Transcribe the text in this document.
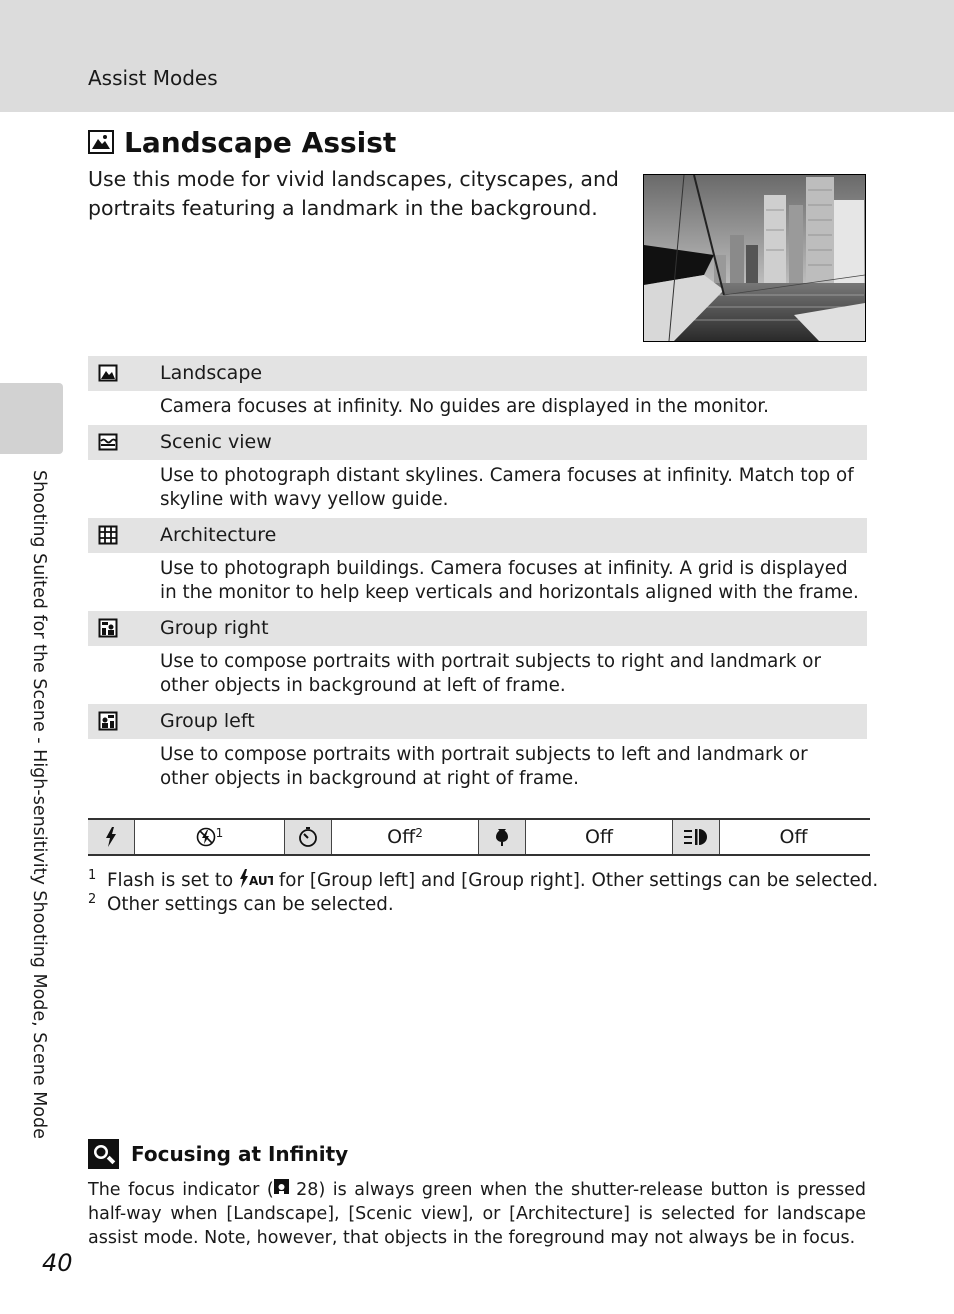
Assist Modes
Shooting Suited for the Scene - High-sensitivity Shooting Mode, Scene Mode
Landscape Assist
Use this mode for vivid landscapes, cityscapes, and portraits featuring a landmark in the background.
Landscape
Camera focuses at infinity. No guides are displayed in the monitor.
Scenic view
Use to photograph distant skylines. Camera focuses at infinity. Match top of skyline with wavy yellow guide.
Architecture
Use to photograph buildings. Camera focuses at infinity. A grid is displayed in the monitor to help keep verticals and horizontals aligned with the frame.
Group right
Use to compose portraits with portrait subjects to right and landmark or other objects in background at left of frame.
Group left
Use to compose portraits with portrait subjects to left and landmark or other objects in background at right of frame.
$^1$	Off$^2$	Off	Off
1 Flash is set to AUT
for [Group left] and [Group right]. Other settings can be selected.
2 Other settings can be selected.
Focusing at Infinity
The focus indicator ( 28) is always green when the shutter-release button is pressed half-way when [Landscape], [Scenic view], or [Architecture] is selected for landscape assist mode. Note, however, that objects in the foreground may not always be in focus.
40
